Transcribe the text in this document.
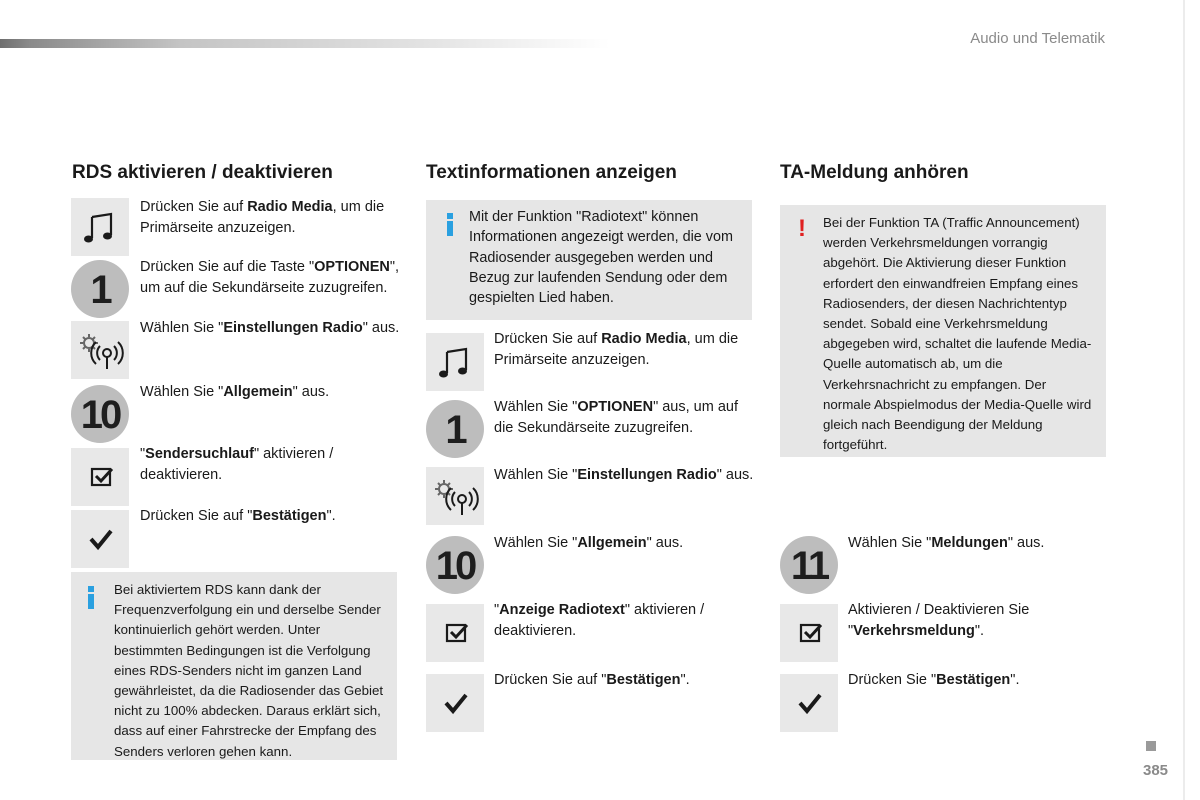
Audio und Telematik
RDS aktivieren / deaktivieren
Drücken Sie auf Radio Media, um die Primärseite anzuzeigen.
1
Drücken Sie auf die Taste "OPTIONEN", um auf die Sekundärseite zuzugreifen.
Wählen Sie "Einstellungen Radio" aus.
10
Wählen Sie "Allgemein" aus.
"Sendersuchlauf" aktivieren / deaktivieren.
Drücken Sie auf "Bestätigen".
Bei aktiviertem RDS kann dank der Frequenzverfolgung ein und derselbe Sender kontinuierlich gehört werden. Unter bestimmten Bedingungen ist die Verfolgung eines RDS-Senders nicht im ganzen Land gewährleistet, da die Radiosender das Gebiet nicht zu 100% abdecken. Daraus erklärt sich, dass auf einer Fahrstrecke der Empfang des Senders verloren gehen kann.
Textinformationen anzeigen
Mit der Funktion "Radiotext" können Informationen angezeigt werden, die vom Radiosender ausgegeben werden und Bezug zur laufenden Sendung oder dem gespielten Lied haben.
Drücken Sie auf Radio Media, um die Primärseite anzuzeigen.
1
Wählen Sie "OPTIONEN" aus, um auf die Sekundärseite zuzugreifen.
Wählen Sie "Einstellungen Radio" aus.
10
Wählen Sie "Allgemein" aus.
"Anzeige Radiotext" aktivieren / deaktivieren.
Drücken Sie auf "Bestätigen".
TA-Meldung anhören
! Bei der Funktion TA (Traffic Announcement) werden Verkehrsmeldungen vorrangig abgehört. Die Aktivierung dieser Funktion erfordert den einwandfreien Empfang eines Radiosenders, der diesen Nachrichtentyp sendet. Sobald eine Verkehrsmeldung abgegeben wird, schaltet die laufende Media-Quelle automatisch ab, um die Verkehrsnachricht zu empfangen. Der normale Abspielmodus der Media-Quelle wird gleich nach Beendigung der Meldung fortgeführt.
11
Wählen Sie "Meldungen" aus.
Aktivieren / Deaktivieren Sie "Verkehrsmeldung".
Drücken Sie "Bestätigen".
385
